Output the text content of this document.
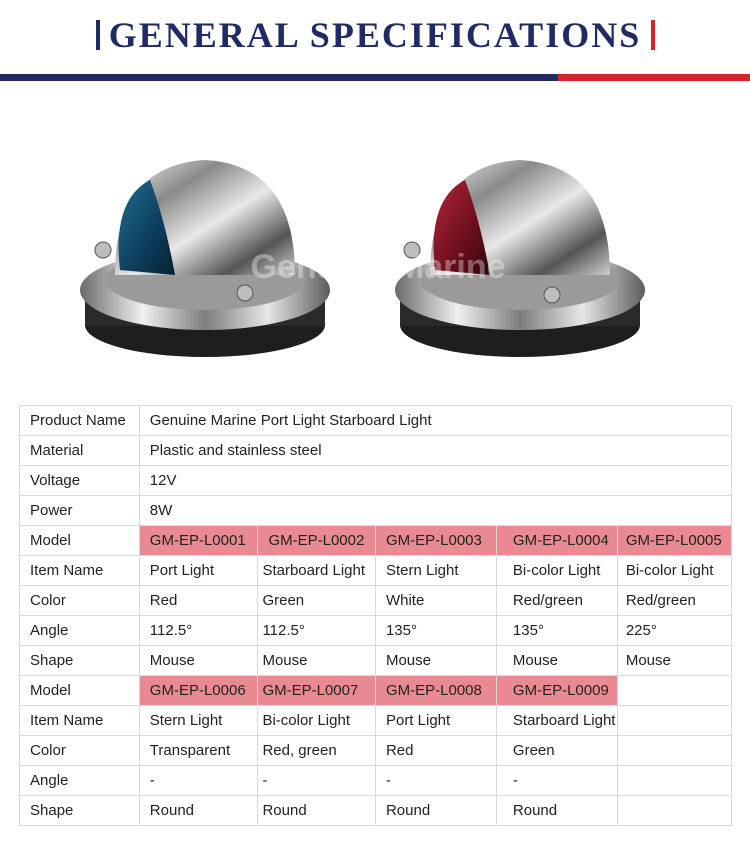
GENERAL SPECIFICATIONS
Genuine Marine
Product Name	Genuine Marine Port Light Starboard Light				
Material	Plastic and stainless steel				
Voltage	12V				
Power	8W				
Model	GM-EP-L0001	GM-EP-L0002	GM-EP-L0003	GM-EP-L0004	GM-EP-L0005
Item Name	Port Light	Starboard Light	Stern Light	Bi-color Light	Bi-color Light
Color	Red	Green	White	Red/green	Red/green
Angle	112.5°	112.5°	135°	135°	225°
Shape	Mouse	Mouse	Mouse	Mouse	Mouse
Model	GM-EP-L0006	GM-EP-L0007	GM-EP-L0008	GM-EP-L0009	
Item Name	Stern Light	Bi-color Light	Port Light	Starboard Light	
Color	Transparent	Red, green	Red	Green	
Angle	-	-	-	-	
Shape	Round	Round	Round	Round	
